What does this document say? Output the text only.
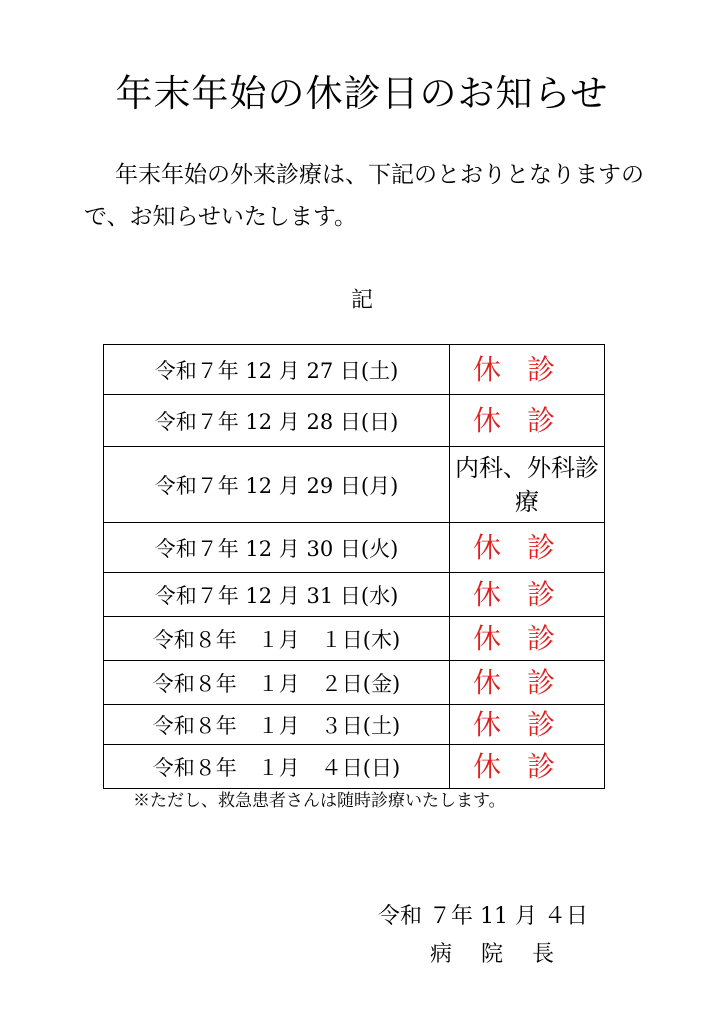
年末年始の休診日のお知らせ
年末年始の外来診療は、下記のとおりとなりますので、お知らせいたします。
記
令和７年 12 月 27 日(土)	休診
令和７年 12 月 28 日(日)	休診
令和７年 12 月 29 日(月)	内科、外科診療
令和７年 12 月 30 日(火)	休診
令和７年 12 月 31 日(水)	休診
令和８年　１月　１日(木)	休診
令和８年　１月　２日(金)	休診
令和８年　１月　３日(土)	休診
令和８年　１月　４日(日)	休診
※ただし、救急患者さんは随時診療いたします。
令和 ７年 11 月 ４日
病　 院　 長
